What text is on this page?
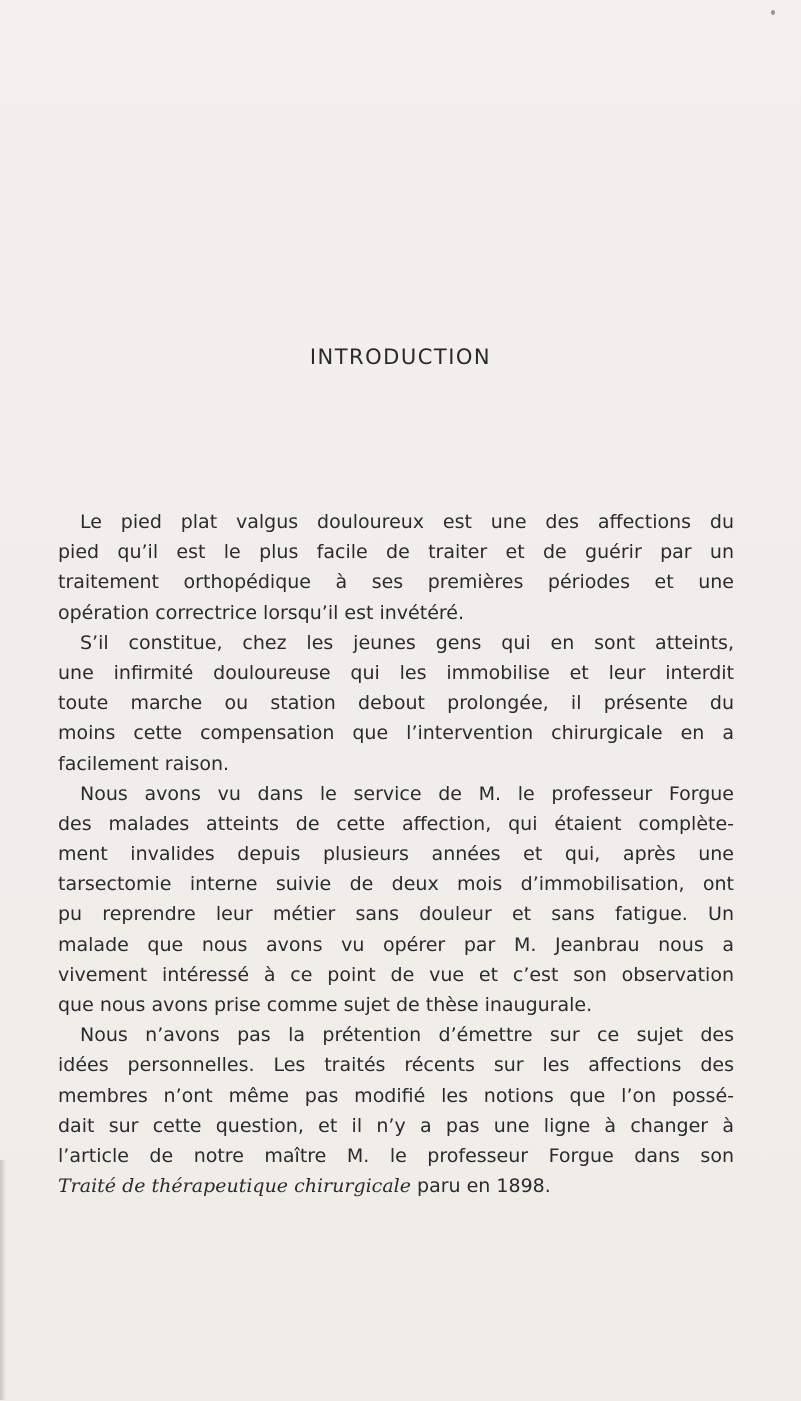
INTRODUCTION
Le pied plat valgus douloureux est une des affections du
pied qu’il est le plus facile de traiter et de guérir par un
traitement orthopédique à ses premières périodes et une
opération correctrice lorsqu’il est invétéré.
S’il constitue, chez les jeunes gens qui en sont atteints,
une infirmité douloureuse qui les immobilise et leur interdit
toute marche ou station debout prolongée, il présente du
moins cette compensation que l’intervention chirurgicale en a
facilement raison.
Nous avons vu dans le service de M. le professeur Forgue
des malades atteints de cette affection, qui étaient complète-
ment invalides depuis plusieurs années et qui, après une
tarsectomie interne suivie de deux mois d’immobilisation, ont
pu reprendre leur métier sans douleur et sans fatigue. Un
malade que nous avons vu opérer par M. Jeanbrau nous a
vivement intéressé à ce point de vue et c’est son observation
que nous avons prise comme sujet de thèse inaugurale.
Nous n’avons pas la prétention d’émettre sur ce sujet des
idées personnelles. Les traités récents sur les affections des
membres n’ont même pas modifié les notions que l’on possé-
dait sur cette question, et il n’y a pas une ligne à changer à
l’article de notre maître M. le professeur Forgue dans son
Traité de thérapeutique chirurgicale paru en 1898.
